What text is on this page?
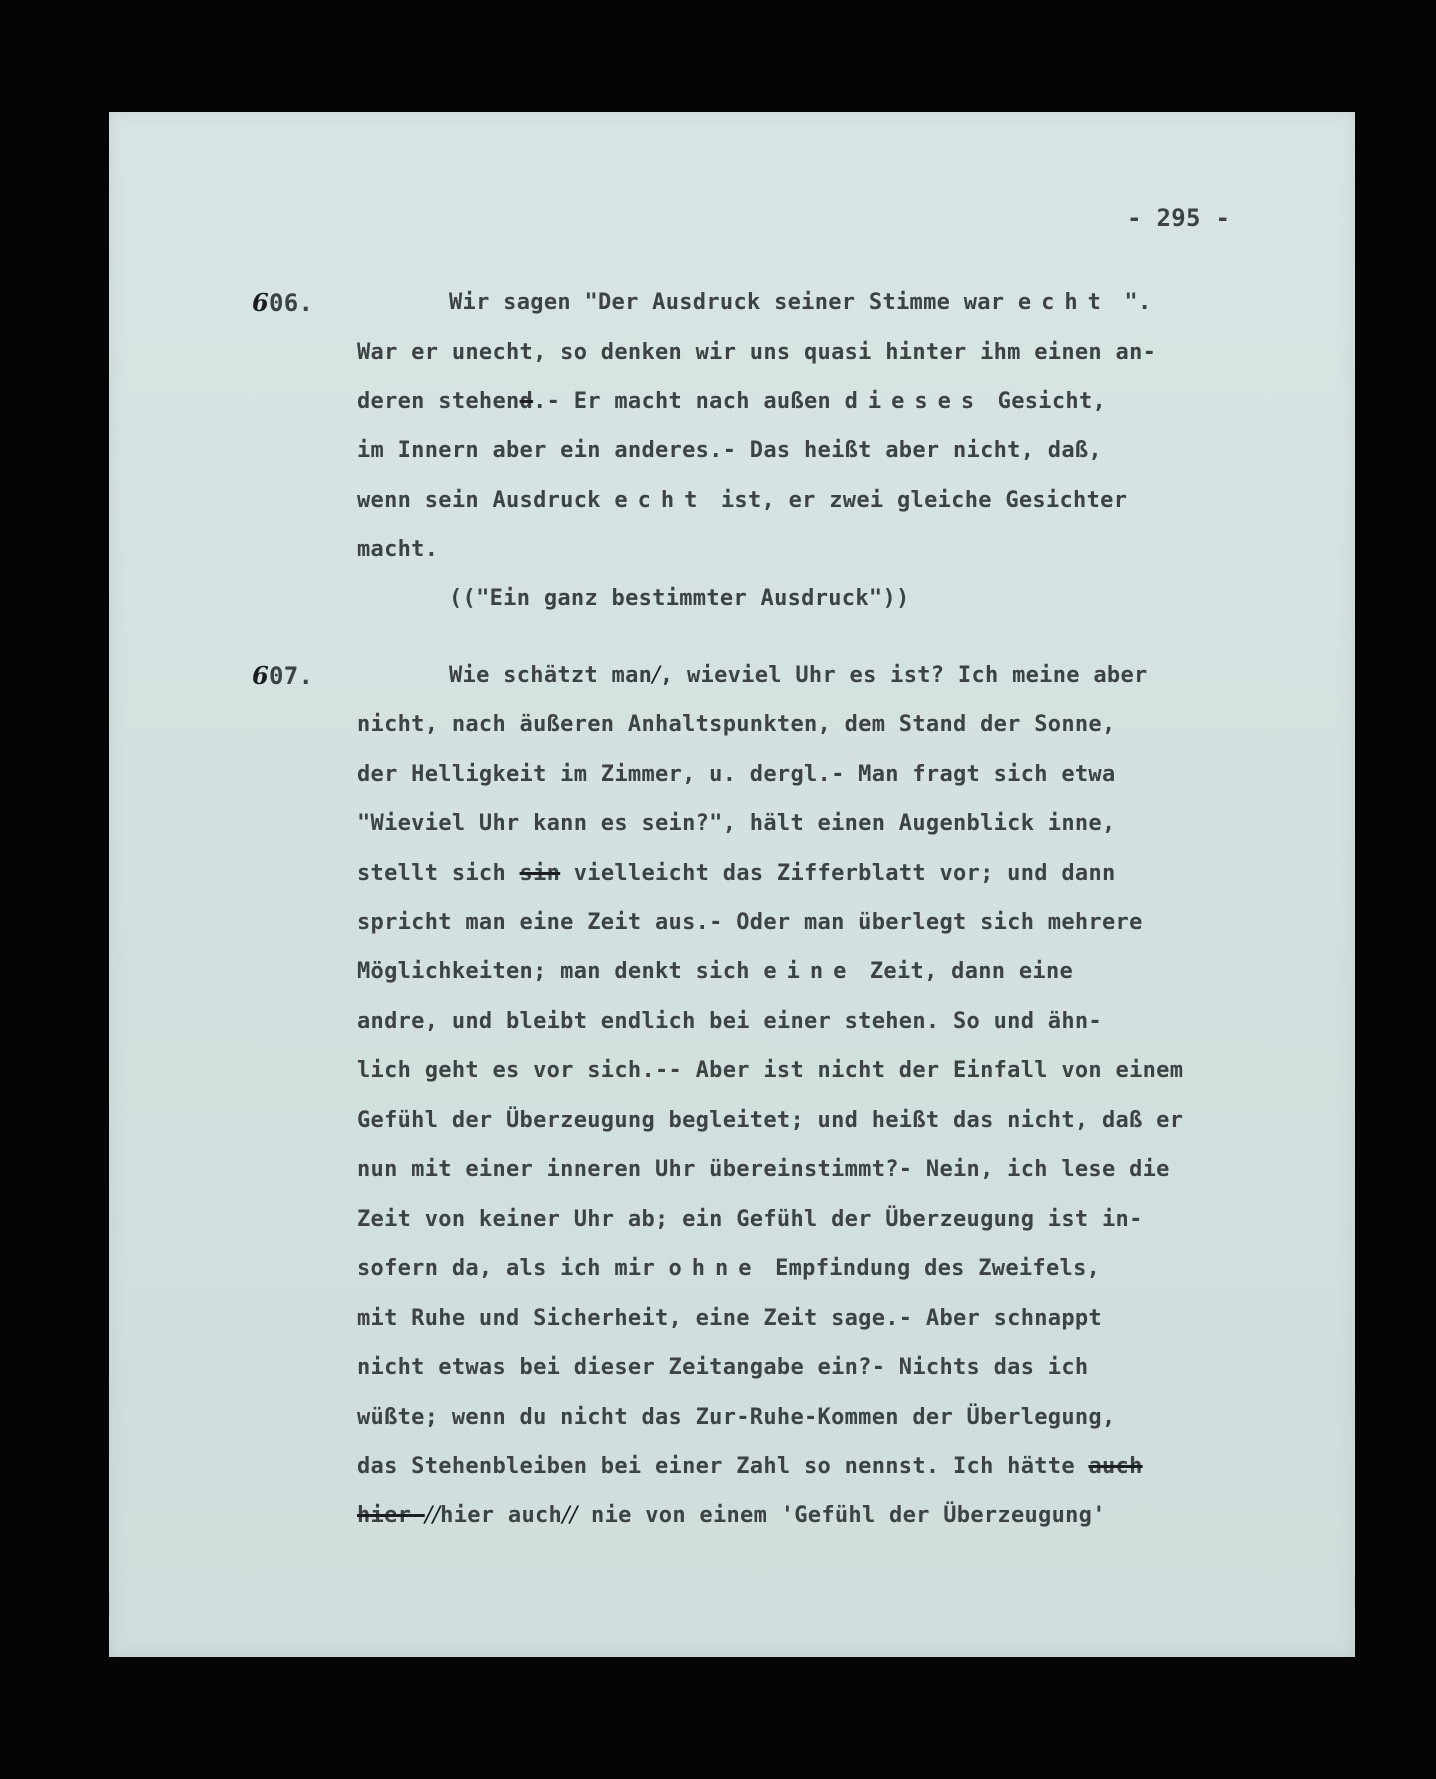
- 295 -
606.	Wir sagen "Der Ausdruck seiner Stimme war echt ".
War er unecht, so denken wir uns quasi hinter ihm einen an-
deren stehend.- Er macht nach außen dieses Gesicht,
im Innern aber ein anderes.- Das heißt aber nicht, daß,
wenn sein Ausdruck echt ist, er zwei gleiche Gesichter
macht.
(("Ein ganz bestimmter Ausdruck"))
607.	Wie schätzt man/, wieviel Uhr es ist? Ich meine aber
nicht, nach äußeren Anhaltspunkten, dem Stand der Sonne,
der Helligkeit im Zimmer, u. dergl.- Man fragt sich etwa
"Wieviel Uhr kann es sein?", hält einen Augenblick inne,
stellt sich sin vielleicht das Zifferblatt vor; und dann
spricht man eine Zeit aus.- Oder man überlegt sich mehrere
Möglichkeiten; man denkt sich eine Zeit, dann eine
andre, und bleibt endlich bei einer stehen. So und ähn-
lich geht es vor sich.-- Aber ist nicht der Einfall von einem
Gefühl der Überzeugung begleitet; und heißt das nicht, daß er
nun mit einer inneren Uhr übereinstimmt?- Nein, ich lese die
Zeit von keiner Uhr ab; ein Gefühl der Überzeugung ist in-
sofern da, als ich mir ohne Empfindung des Zweifels,
mit Ruhe und Sicherheit, eine Zeit sage.- Aber schnappt
nicht etwas bei dieser Zeitangabe ein?- Nichts das ich
wüßte; wenn du nicht das Zur-Ruhe-Kommen der Überlegung,
das Stehenbleiben bei einer Zahl so nennst. Ich hätte auch
hier //hier auch// nie von einem 'Gefühl der Überzeugung'
